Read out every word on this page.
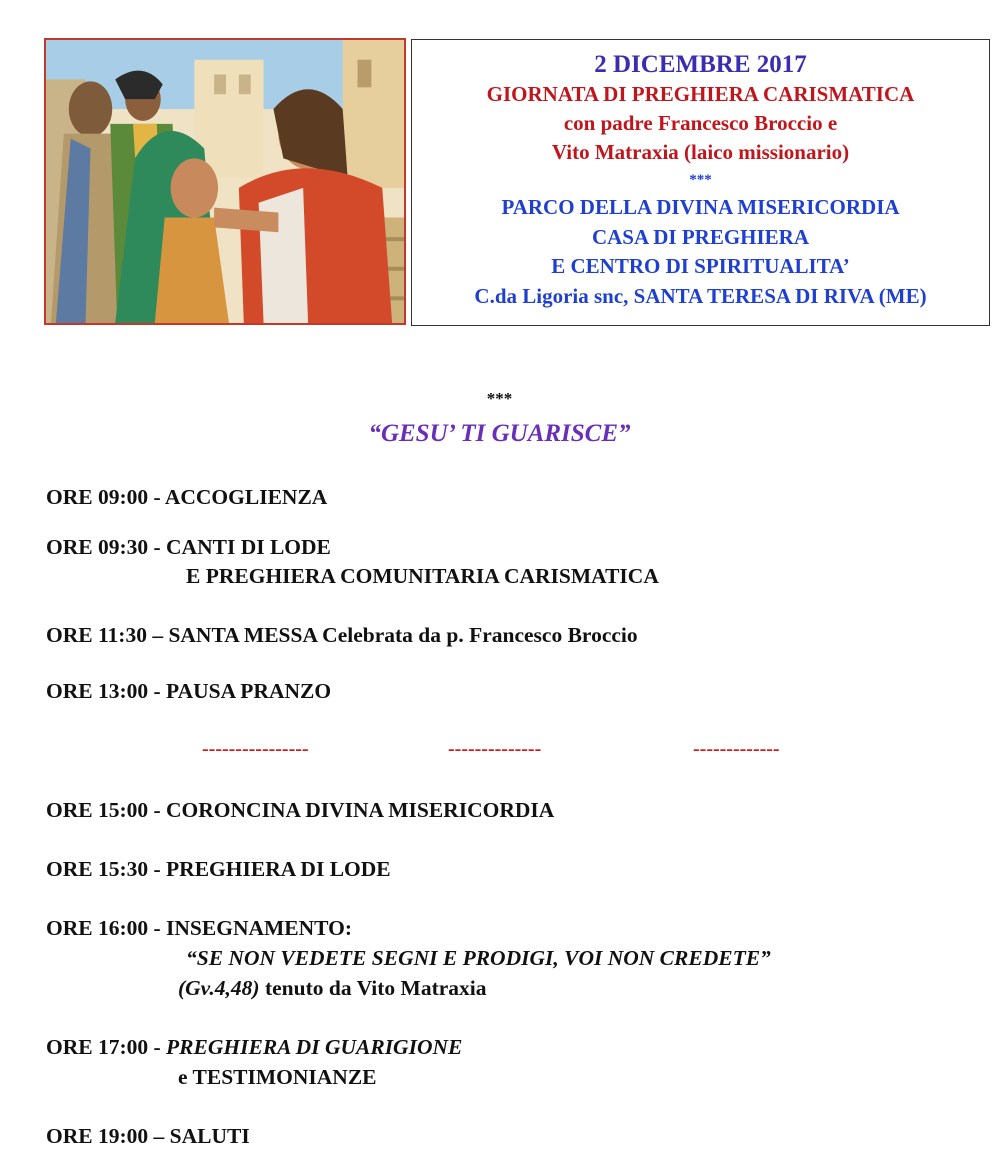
2 DICEMBRE 2017
GIORNATA DI PREGHIERA CARISMATICA
con padre Francesco Broccio e
Vito Matraxia (laico missionario)
***
PARCO DELLA DIVINA MISERICORDIA
CASA DI PREGHIERA
E CENTRO DI SPIRITUALITA’
C.da Ligoria snc, SANTA TERESA DI RIVA (ME)
***
“GESU’ TI GUARISCE”
ORE 09:00 - ACCOGLIENZA
ORE 09:30 - CANTI DI LODE
E PREGHIERA COMUNITARIA CARISMATICA
ORE 11:30 – SANTA MESSA Celebrata da p. Francesco Broccio
ORE 13:00 - PAUSA PRANZO
----------------	--------------	-------------
ORE 15:00 - CORONCINA DIVINA MISERICORDIA
ORE 15:30 - PREGHIERA DI LODE
ORE 16:00 - INSEGNAMENTO:
“SE NON VEDETE SEGNI E PRODIGI, VOI NON CREDETE”
(Gv.4,48) tenuto da Vito Matraxia
ORE 17:00 - PREGHIERA DI GUARIGIONE
e TESTIMONIANZE
ORE 19:00 – SALUTI
